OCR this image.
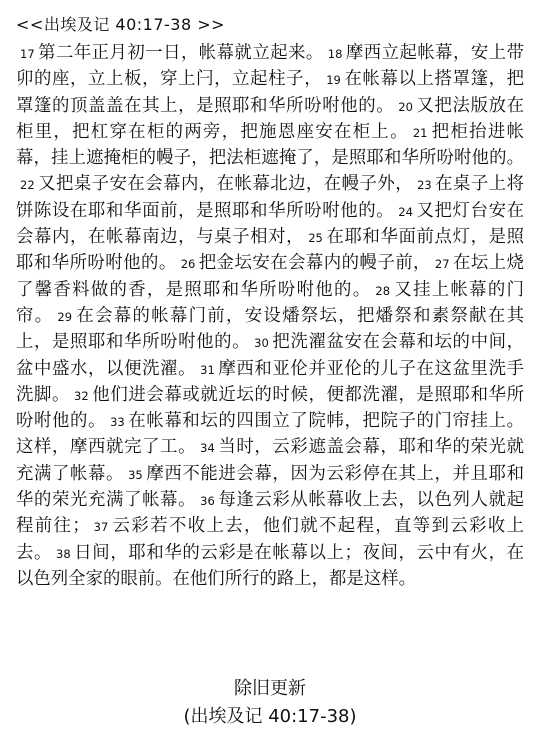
<<出埃及记 40:17-38 >>

17 第二年正月初一日，帐幕就立起来。 18 摩西立起帐幕，安上带卯的座，立上板，穿上闩，立起柱子， 19 在帐幕以上搭罩篷，把罩篷的顶盖盖在其上，是照耶和华所吩咐他的。 20 又把法版放在柜里，把杠穿在柜的两旁，把施恩座安在柜上。 21 把柜抬进帐幕，挂上遮掩柜的幔子，把法柜遮掩了，是照耶和华所吩咐他的。22 又把桌子安在会幕内，在帐幕北边，在幔子外， 23 在桌子上将饼陈设在耶和华面前，是照耶和华所吩咐他的。 24 又把灯台安在会幕内，在帐幕南边，与桌子相对， 25 在耶和华面前点灯，是照耶和华所吩咐他的。 26 把金坛安在会幕内的幔子前， 27 在坛上烧了馨香料做的香，是照耶和华所吩咐他的。 28 又挂上帐幕的门帘。 29 在会幕的帐幕门前，安设燔祭坛，把燔祭和素祭献在其上，是照耶和华所吩咐他的。 30 把洗濯盆安在会幕和坛的中间，盆中盛水，以便洗濯。 31 摩西和亚伦并亚伦的儿子在这盆里洗手洗脚。 32 他们进会幕或就近坛的时候，便都洗濯，是照耶和华所吩咐他的。 33 在帐幕和坛的四围立了院帏，把院子的门帘挂上。这样，摩西就完了工。 34 当时，云彩遮盖会幕，耶和华的荣光就充满了帐幕。 35 摩西不能进会幕，因为云彩停在其上，并且耶和华的荣光充满了帐幕。 36 每逢云彩从帐幕收上去，以色列人就起程前往； 37 云彩若不收上去，他们就不起程，直等到云彩收上去。 38 日间，耶和华的云彩是在帐幕以上；夜间，云中有火，在以色列全家的眼前。在他们所行的路上，都是这样。

除旧更新
(出埃及记 40:17-38)
